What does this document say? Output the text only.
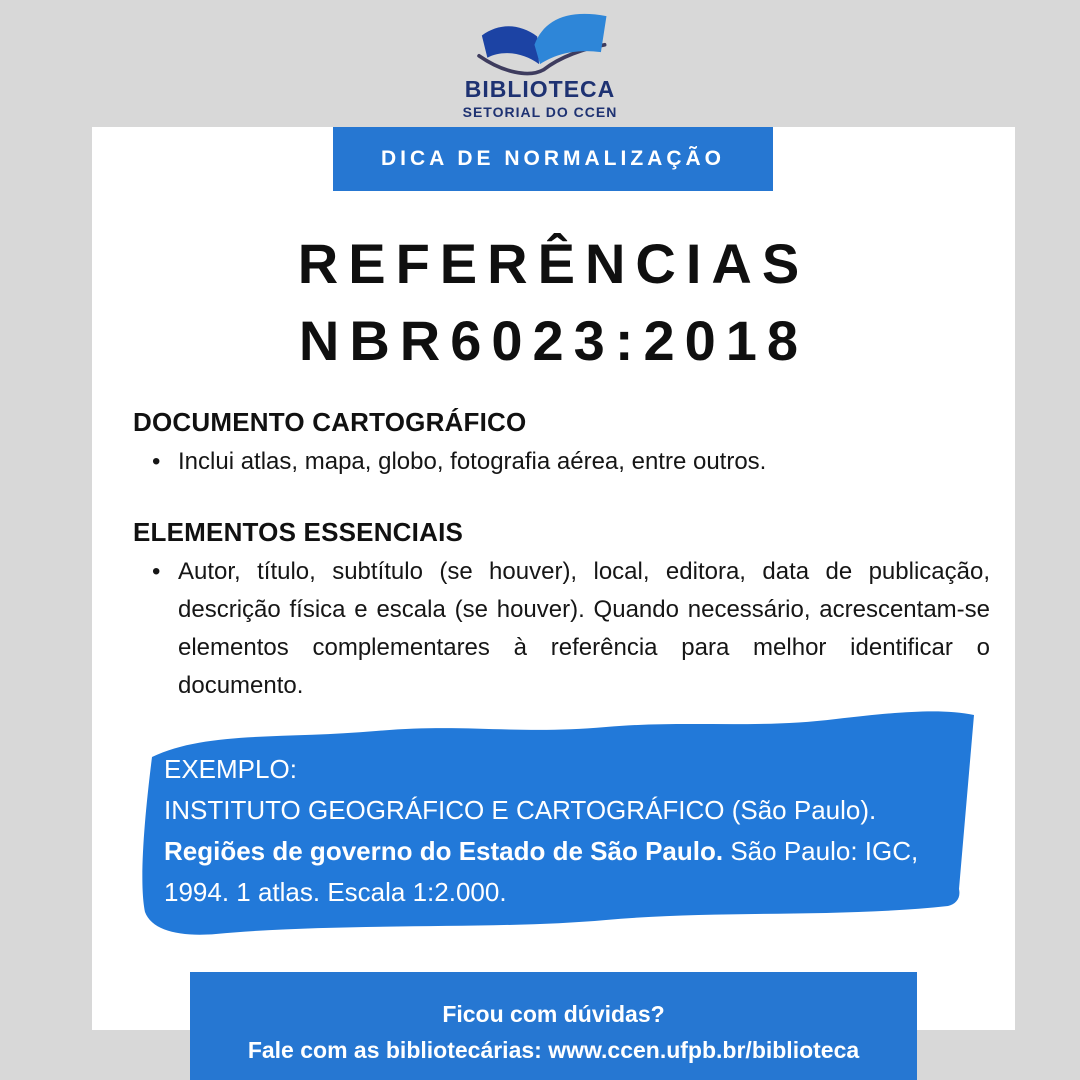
BIBLIOTECA
SETORIAL DO CCEN
DICA DE NORMALIZAÇÃO
REFERÊNCIAS
NBR6023:2018
DOCUMENTO CARTOGRÁFICO
• Inclui atlas, mapa, globo, fotografia aérea, entre outros.

ELEMENTOS ESSENCIAIS
• Autor, título, subtítulo (se houver), local, editora, data de publicação, descrição física e escala (se houver). Quando necessário, acrescentam-se elementos complementares à referência para melhor identificar o documento.

EXEMPLO:

INSTITUTO GEOGRÁFICO E CARTOGRÁFICO (São Paulo). Regiões de governo do Estado de São Paulo. São Paulo: IGC, 1994. 1 atlas. Escala 1:2.000.

Ficou com dúvidas?
Fale com as bibliotecárias: www.ccen.ufpb.br/biblioteca
